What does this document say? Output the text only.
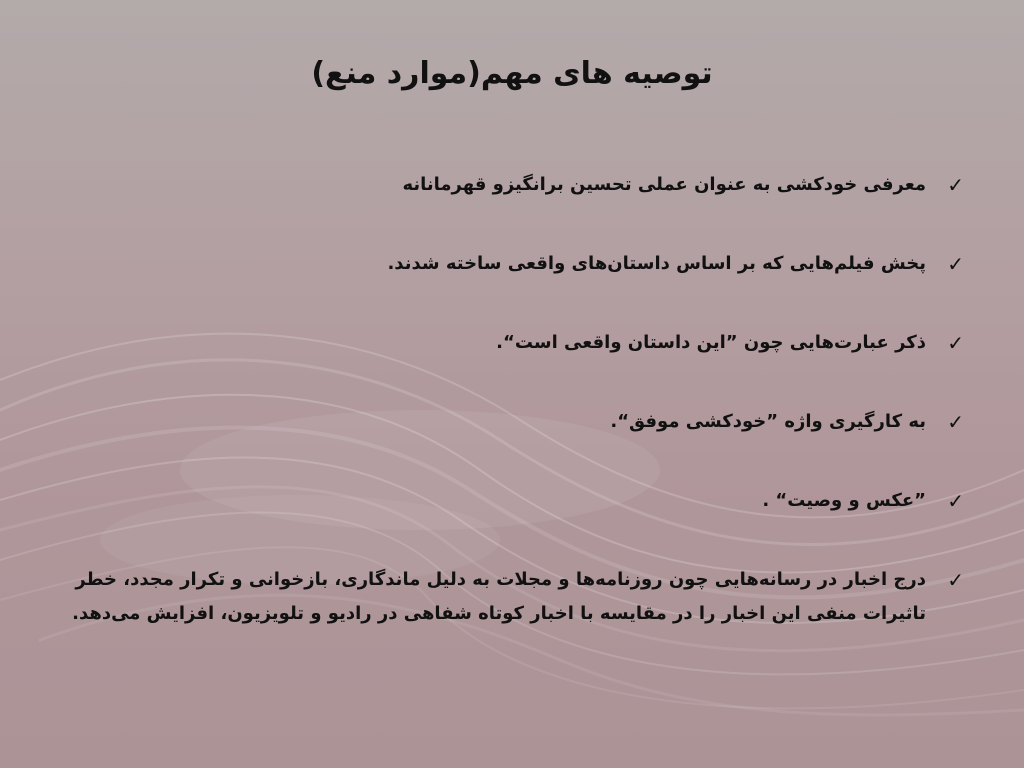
توصیه های مهم(موارد منع)
✓
معرفی خودکشی به عنوان عملی تحسین برانگیزو قهرمانانه
✓
پخش فیلم‌هایی که بر اساس داستان‌های واقعی ساخته شدند.
✓
ذکر عبارت‌هایی چون ”این داستان واقعی است“.
✓
به کارگیری واژه ”خودکشی موفق“.
✓
”عکس و وصیت“ .
✓
درج اخبار در رسانه‌هایی چون روزنامه‌ها و مجلات به دلیل ماندگاری، بازخوانی و تکرار مجدد، خطر تاثیرات منفی این اخبار را در مقایسه با اخبار کوتاه شفاهی در رادیو و تلویزیون، افزایش می‌دهد.
